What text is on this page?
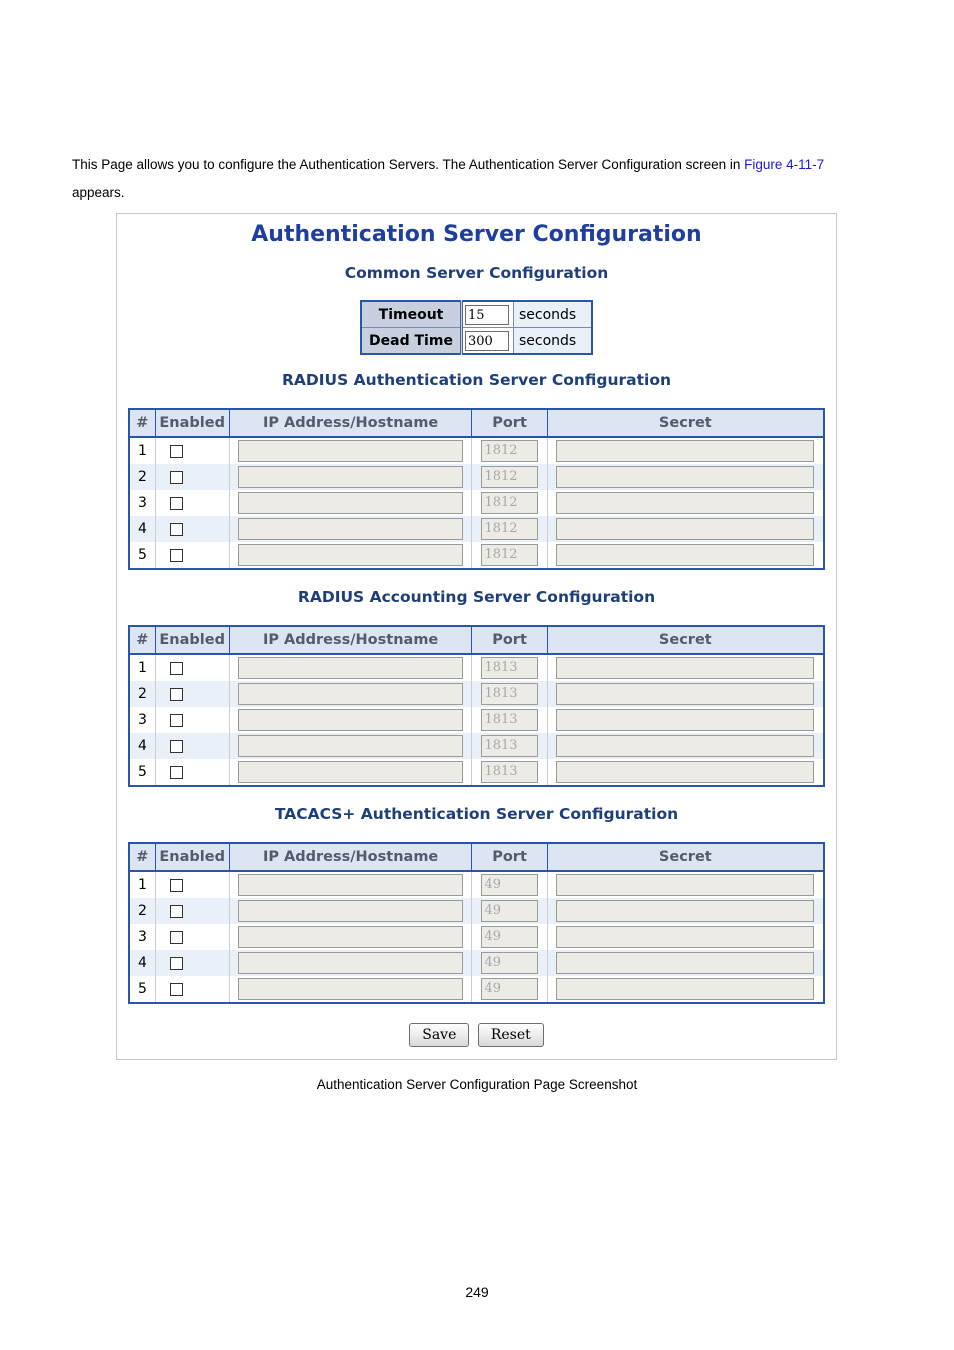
This Page allows you to configure the Authentication Servers. The Authentication Server Configuration screen in Figure 4-11-7
appears.
Authentication Server Configuration
Common Server Configuration
Timeout	15	seconds
Dead Time	300	seconds
RADIUS Authentication Server Configuration
#	Enabled	IP Address/Hostname	Port	Secret
1			1812	

2			1812	

3			1812	

4			1812	

5			1812	

RADIUS Accounting Server Configuration
#	Enabled	IP Address/Hostname	Port	Secret
1			1813	

2			1813	

3			1813	

4			1813	

5			1813	

TACACS+ Authentication Server Configuration
#	Enabled	IP Address/Hostname	Port	Secret
1			49	

2			49	

3			49	

4			49	

5			49	

Save Reset
Authentication Server Configuration Page Screenshot
249
